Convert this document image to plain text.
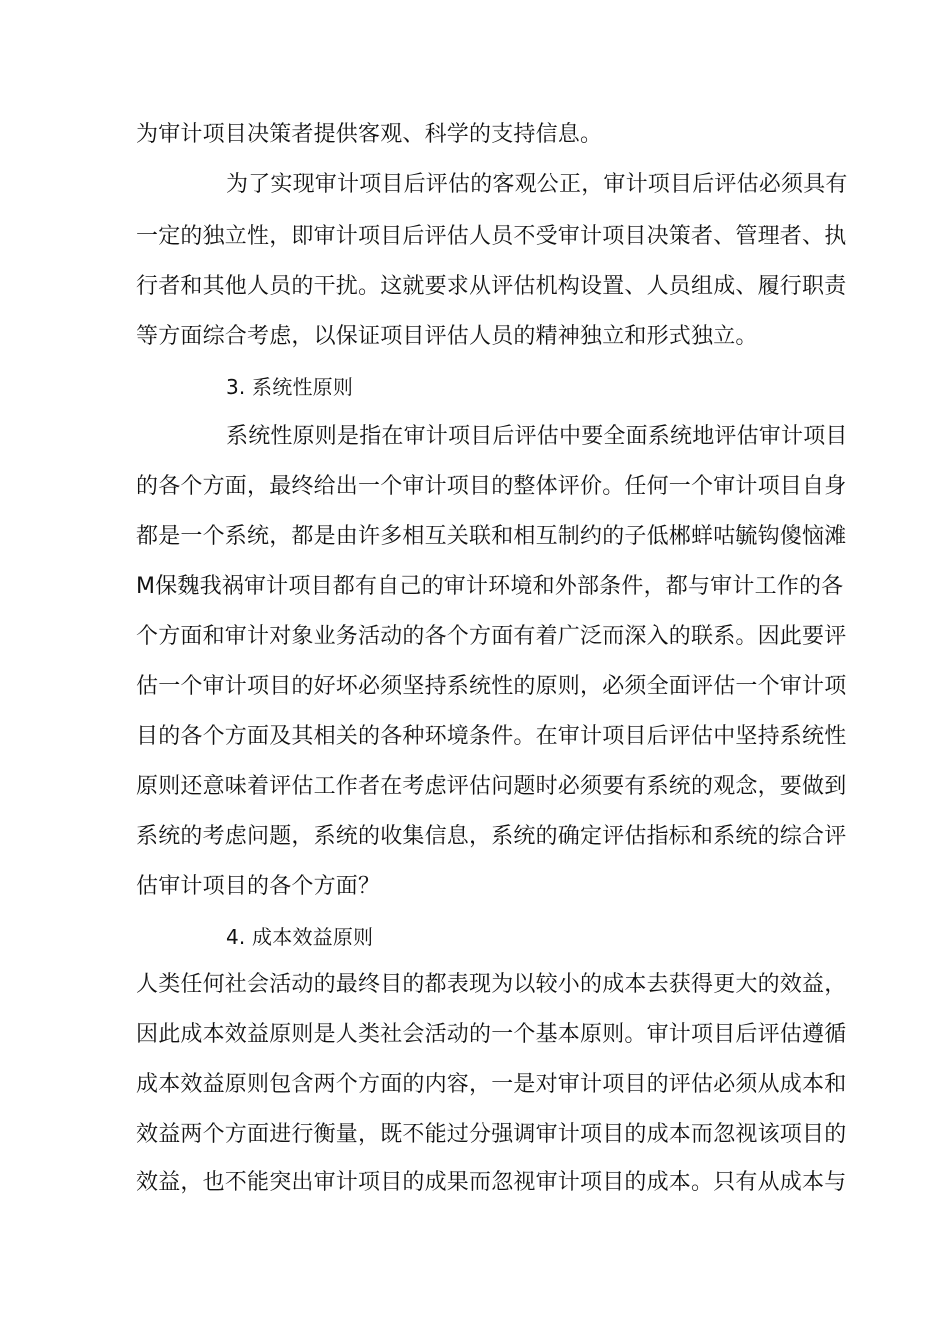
为审计项目决策者提供客观、科学的支持信息。
为了实现审计项目后评估的客观公正，审计项目后评估必须具有
一定的独立性，即审计项目后评估人员不受审计项目决策者、管理者、执
行者和其他人员的干扰。这就要求从评估机构设置、人员组成、履行职责
等方面综合考虑，以保证项目评估人员的精神独立和形式独立。
3. 系统性原则
系统性原则是指在审计项目后评估中要全面系统地评估审计项目
的各个方面，最终给出一个审计项目的整体评价。任何一个审计项目自身
都是一个系统，都是由许多相互关联和相互制约的子低郴蛘咕毓钩傻恼滩
M保魏我祸审计项目都有自己的审计环境和外部条件，都与审计工作的各
个方面和审计对象业务活动的各个方面有着广泛而深入的联系。因此要评
估一个审计项目的好坏必须坚持系统性的原则，必须全面评估一个审计项
目的各个方面及其相关的各种环境条件。在审计项目后评估中坚持系统性
原则还意味着评估工作者在考虑评估问题时必须要有系统的观念，要做到
系统的考虑问题，系统的收集信息，系统的确定评估指标和系统的综合评
估审计项目的各个方面？
4. 成本效益原则
人类任何社会活动的最终目的都表现为以较小的成本去获得更大的效益，
因此成本效益原则是人类社会活动的一个基本原则。审计项目后评估遵循
成本效益原则包含两个方面的内容，一是对审计项目的评估必须从成本和
效益两个方面进行衡量，既不能过分强调审计项目的成本而忽视该项目的
效益，也不能突出审计项目的成果而忽视审计项目的成本。只有从成本与
